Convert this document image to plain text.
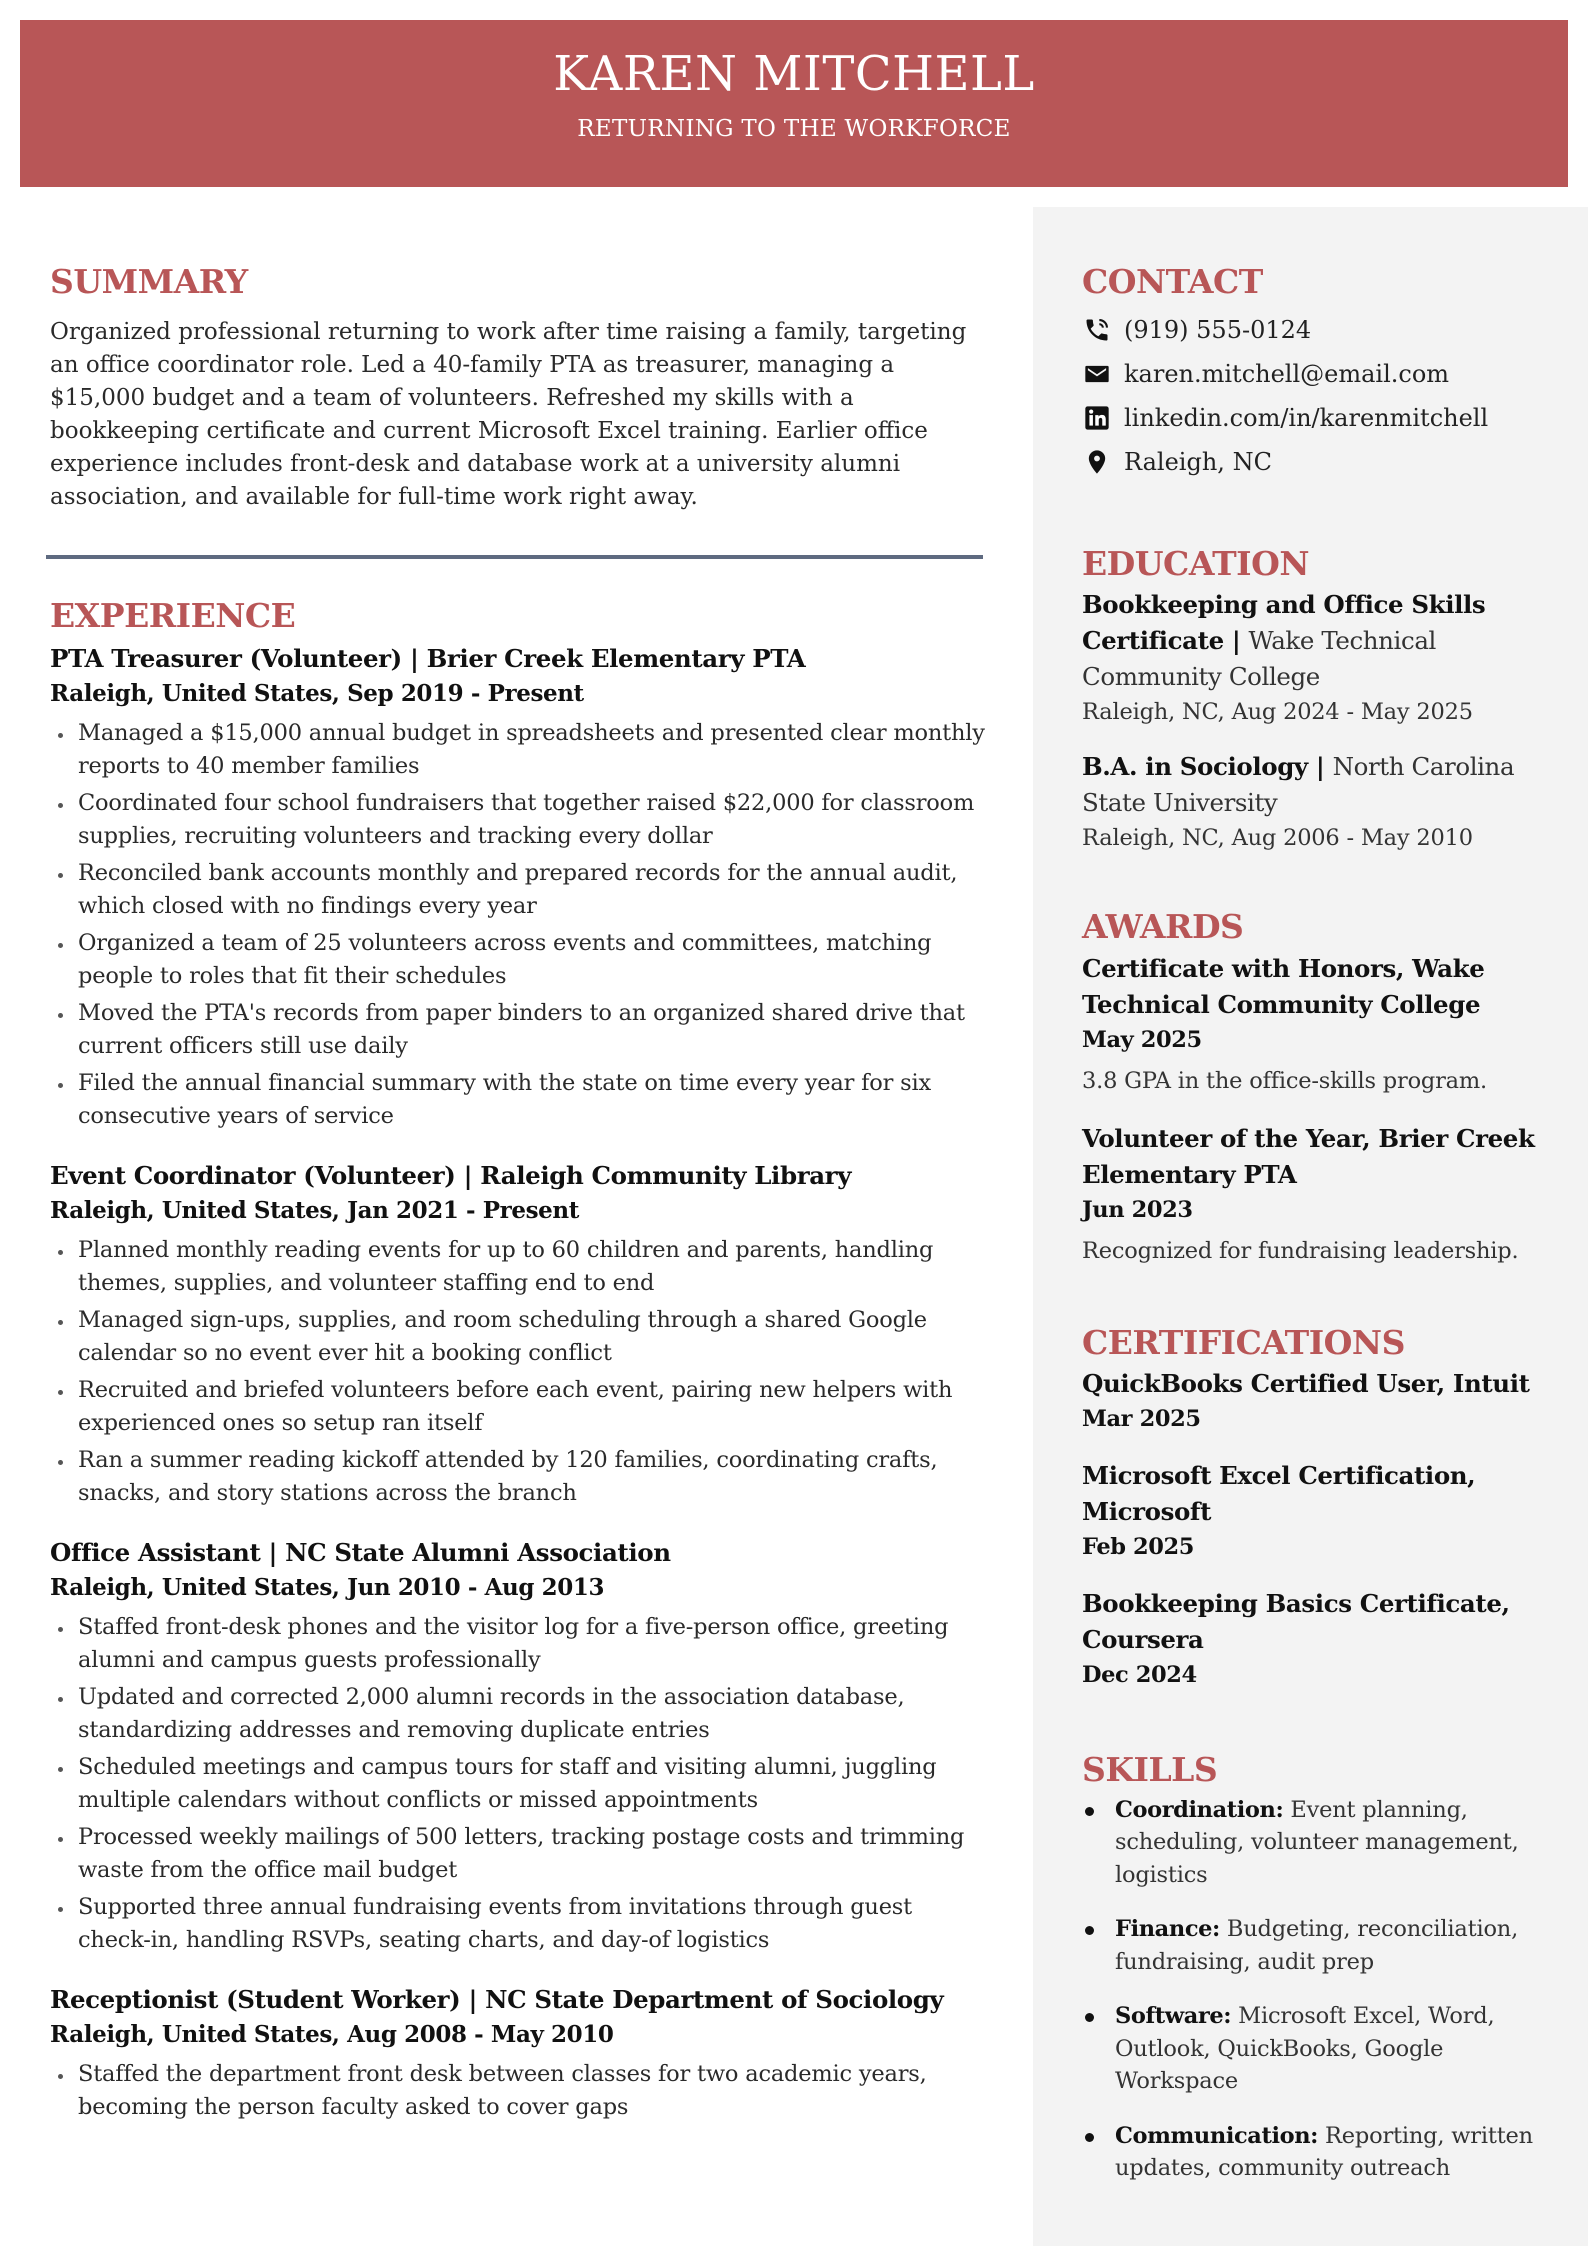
KAREN MITCHELL
RETURNING TO THE WORKFORCE
SUMMARY

Organized professional returning to work after time raising a family, targeting an office coordinator role. Led a 40-family PTA as treasurer, managing a $15,000 budget and a team of volunteers. Refreshed my skills with a bookkeeping certificate and current Microsoft Excel training. Earlier office experience includes front-desk and database work at a university alumni association, and available for full-time work right away.

EXPERIENCE
PTA Treasurer (Volunteer) | Brier Creek Elementary PTA
Raleigh, United States, Sep 2019 - Present
Managed a $15,000 annual budget in spreadsheets and presented clear monthly reports to 40 member families
Coordinated four school fundraisers that together raised $22,000 for classroom supplies, recruiting volunteers and tracking every dollar
Reconciled bank accounts monthly and prepared records for the annual audit, which closed with no findings every year
Organized a team of 25 volunteers across events and committees, matching people to roles that fit their schedules
Moved the PTA's records from paper binders to an organized shared drive that current officers still use daily
Filed the annual financial summary with the state on time every year for six consecutive years of service
Event Coordinator (Volunteer) | Raleigh Community Library
Raleigh, United States, Jan 2021 - Present
Planned monthly reading events for up to 60 children and parents, handling themes, supplies, and volunteer staffing end to end
Managed sign-ups, supplies, and room scheduling through a shared Google calendar so no event ever hit a booking conflict
Recruited and briefed volunteers before each event, pairing new helpers with experienced ones so setup ran itself
Ran a summer reading kickoff attended by 120 families, coordinating crafts, snacks, and story stations across the branch
Office Assistant | NC State Alumni Association
Raleigh, United States, Jun 2010 - Aug 2013
Staffed front-desk phones and the visitor log for a five-person office, greeting alumni and campus guests professionally
Updated and corrected 2,000 alumni records in the association database, standardizing addresses and removing duplicate entries
Scheduled meetings and campus tours for staff and visiting alumni, juggling multiple calendars without conflicts or missed appointments
Processed weekly mailings of 500 letters, tracking postage costs and trimming waste from the office mail budget
Supported three annual fundraising events from invitations through guest check-in, handling RSVPs, seating charts, and day-of logistics
Receptionist (Student Worker) | NC State Department of Sociology
Raleigh, United States, Aug 2008 - May 2010
Staffed the department front desk between classes for two academic years, becoming the person faculty asked to cover gaps
CONTACT
(919) 555-0124
karen.mitchell@email.com
linkedin.com/in/karenmitchell
Raleigh, NC
EDUCATION
Bookkeeping and Office Skills Certificate | Wake Technical Community College
Raleigh, NC, Aug 2024 - May 2025
B.A. in Sociology | North Carolina State University
Raleigh, NC, Aug 2006 - May 2010
AWARDS
Certificate with Honors, Wake Technical Community College
May 2025
3.8 GPA in the office-skills program.
Volunteer of the Year, Brier Creek Elementary PTA
Jun 2023
Recognized for fundraising leadership.
CERTIFICATIONS
QuickBooks Certified User, Intuit
Mar 2025
Microsoft Excel Certification, Microsoft
Feb 2025
Bookkeeping Basics Certificate, Coursera
Dec 2024
SKILLS
Coordination: Event planning, scheduling, volunteer management, logistics
Finance: Budgeting, reconciliation, fundraising, audit prep
Software: Microsoft Excel, Word, Outlook, QuickBooks, Google Workspace
Communication: Reporting, written updates, community outreach
